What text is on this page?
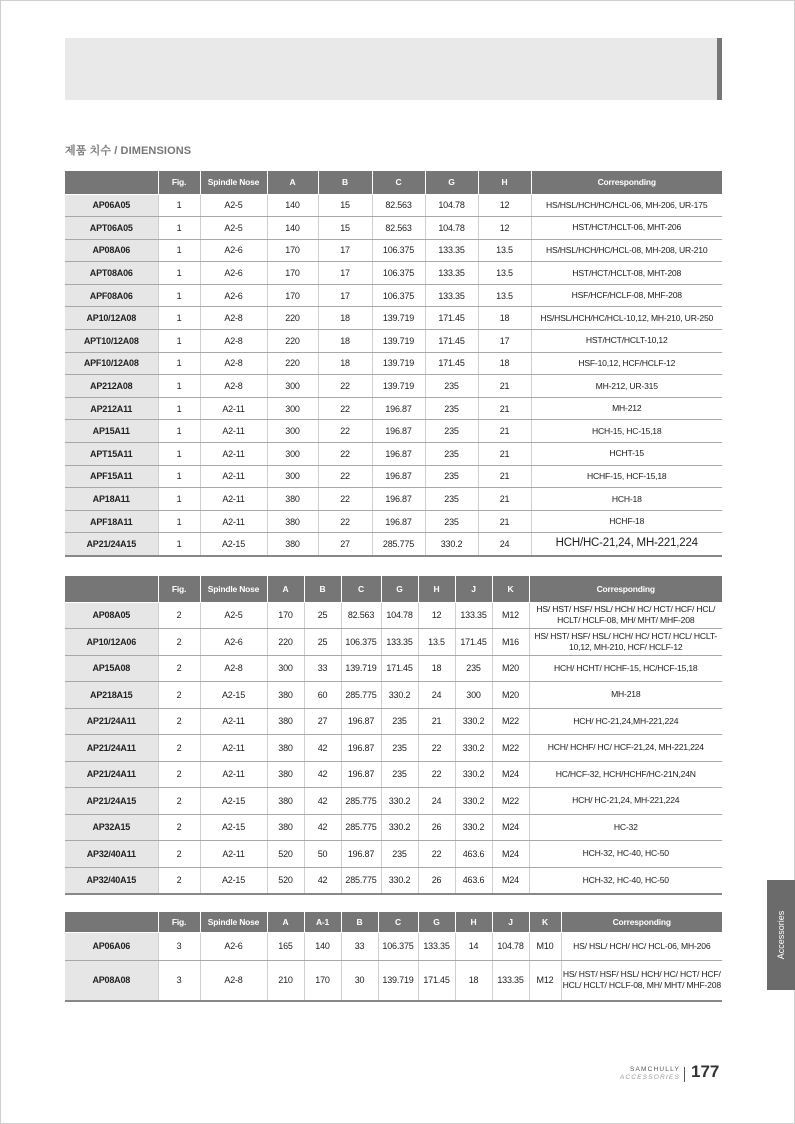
제품 치수 / DIMENSIONS
	Fig.	Spindle Nose	A	B	C	G	H	Corresponding
AP06A05	1	A2-5	140	15	82.563	104.78	12	HS/HSL/HCH/HC/HCL-06, MH-206, UR-175
APT06A05	1	A2-5	140	15	82.563	104.78	12	HST/HCT/HCLT-06, MHT-206
AP08A06	1	A2-6	170	17	106.375	133.35	13.5	HS/HSL/HCH/HC/HCL-08, MH-208, UR-210
APT08A06	1	A2-6	170	17	106.375	133.35	13.5	HST/HCT/HCLT-08, MHT-208
APF08A06	1	A2-6	170	17	106.375	133.35	13.5	HSF/HCF/HCLF-08, MHF-208
AP10/12A08	1	A2-8	220	18	139.719	171.45	18	HS/HSL/HCH/HC/HCL-10,12, MH-210, UR-250
APT10/12A08	1	A2-8	220	18	139.719	171.45	17	HST/HCT/HCLT-10,12
APF10/12A08	1	A2-8	220	18	139.719	171.45	18	HSF-10,12, HCF/HCLF-12
AP212A08	1	A2-8	300	22	139.719	235	21	MH-212, UR-315
AP212A11	1	A2-11	300	22	196.87	235	21	MH-212
AP15A11	1	A2-11	300	22	196.87	235	21	HCH-15, HC-15,18
APT15A11	1	A2-11	300	22	196.87	235	21	HCHT-15
APF15A11	1	A2-11	300	22	196.87	235	21	HCHF-15, HCF-15,18
AP18A11	1	A2-11	380	22	196.87	235	21	HCH-18
APF18A11	1	A2-11	380	22	196.87	235	21	HCHF-18
AP21/24A15	1	A2-15	380	27	285.775	330.2	24	HCH/HC-21,24, MH-221,224
	Fig.	Spindle Nose	A	B	C	G	H	J	K	Corresponding
AP08A05	2	A2-5	170	25	82.563	104.78	12	133.35	M12	HS/ HST/ HSF/ HSL/ HCH/ HC/ HCT/ HCF/ HCL/ HCLT/ HCLF-08, MH/ MHT/ MHF-208
AP10/12A06	2	A2-6	220	25	106.375	133.35	13.5	171.45	M16	HS/ HST/ HSF/ HSL/ HCH/ HC/ HCT/ HCL/ HCLT-10,12, MH-210, HCF/ HCLF-12
AP15A08	2	A2-8	300	33	139.719	171.45	18	235	M20	HCH/ HCHT/ HCHF-15, HC/HCF-15,18
AP218A15	2	A2-15	380	60	285.775	330.2	24	300	M20	MH-218
AP21/24A11	2	A2-11	380	27	196.87	235	21	330.2	M22	HCH/ HC-21,24,MH-221,224
AP21/24A11	2	A2-11	380	42	196.87	235	22	330.2	M22	HCH/ HCHF/ HC/ HCF-21,24, MH-221,224
AP21/24A11	2	A2-11	380	42	196.87	235	22	330.2	M24	HC/HCF-32, HCH/HCHF/HC-21N,24N
AP21/24A15	2	A2-15	380	42	285.775	330.2	24	330.2	M22	HCH/ HC-21,24, MH-221,224
AP32A15	2	A2-15	380	42	285.775	330.2	26	330.2	M24	HC-32
AP32/40A11	2	A2-11	520	50	196.87	235	22	463.6	M24	HCH-32, HC-40, HC-50
AP32/40A15	2	A2-15	520	42	285.775	330.2	26	463.6	M24	HCH-32, HC-40, HC-50
	Fig.	Spindle Nose	A	A-1	B	C	G	H	J	K	Corresponding
AP06A06	3	A2-6	165	140	33	106.375	133.35	14	104.78	M10	HS/ HSL/ HCH/ HC/ HCL-06, MH-206
AP08A08	3	A2-8	210	170	30	139.719	171.45	18	133.35	M12	HS/ HST/ HSF/ HSL/ HCH/ HC/ HCT/ HCF/ HCL/ HCLT/ HCLF-08, MH/ MHT/ MHF-208
Accessories
SAMCHULLY
ACCESSORIES 177
